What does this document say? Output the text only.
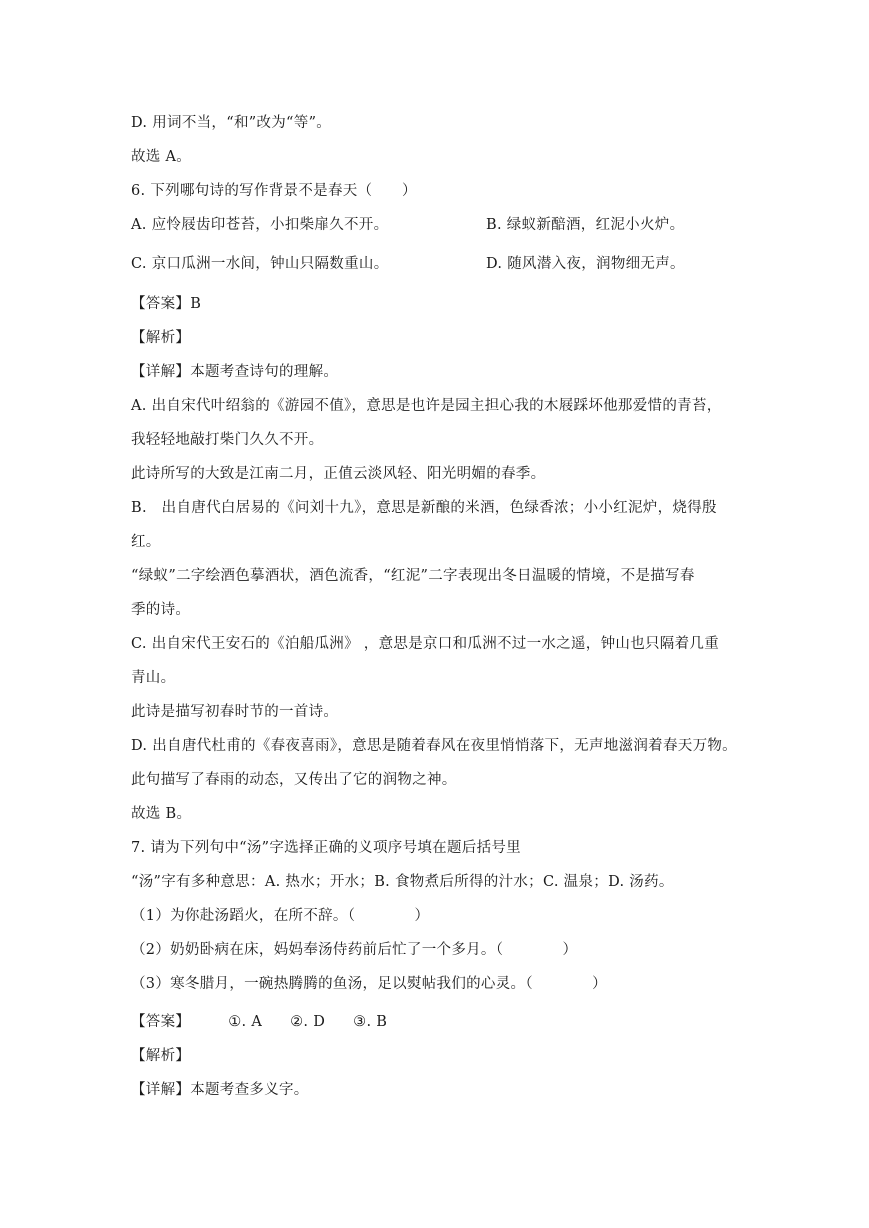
D. 用词不当，“和”改为“等”。
故选 A。
6. 下列哪句诗的写作背景不是春天（　　）
A. 应怜屐齿印苍苔，小扣柴扉久不开。	B. 绿蚁新醅酒，红泥小火炉。
C. 京口瓜洲一水间，钟山只隔数重山。	D. 随风潜入夜，润物细无声。
【答案】B
【解析】
【详解】本题考查诗句的理解。
A. 出自宋代叶绍翁的《游园不值》，意思是也许是园主担心我的木屐踩坏他那爱惜的青苔，
我轻轻地敲打柴门久久不开。
此诗所写的大致是江南二月，正值云淡风轻、阳光明媚的春季。
B.　出自唐代白居易的《问刘十九》，意思是新酿的米酒，色绿香浓；小小红泥炉，烧得殷
红。
“绿蚁”二字绘酒色摹酒状，酒色流香，“红泥”二字表现出冬日温暖的情境，不是描写春
季的诗。
C. 出自宋代王安石的《泊船瓜洲》 ，意思是京口和瓜洲不过一水之遥，钟山也只隔着几重
青山。
此诗是描写初春时节的一首诗。
D. 出自唐代杜甫的《春夜喜雨》，意思是随着春风在夜里悄悄落下，无声地滋润着春天万物。
此句描写了春雨的动态，又传出了它的润物之神。
故选 B。
7. 请为下列句中“汤”字选择正确的义项序号填在题后括号里
“汤”字有多种意思：A. 热水；开水；B. 食物煮后所得的汁水；C. 温泉；D. 汤药。
（1）为你赴汤蹈火，在所不辞。（　　　　）
（2）奶奶卧病在床，妈妈奉汤侍药前后忙了一个多月。（　　　　）
（3）寒冬腊月，一碗热腾腾的鱼汤，足以熨帖我们的心灵。（　　　　）
【答案】	①. A ②. D ③. B
【解析】
【详解】本题考查多义字。
